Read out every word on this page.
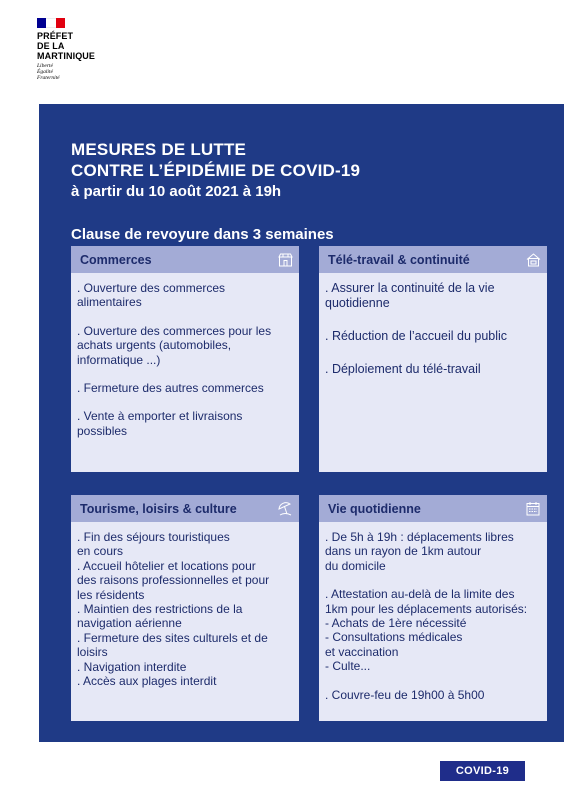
PRÉFET
DE LA
MARTINIQUE
Liberté
Égalité
Fraternité
MESURES DE LUTTE
CONTRE L’ÉPIDÉMIE DE COVID-19
à partir du 10 août 2021 à 19h
Clause de revoyure dans 3 semaines
Commerces
. Ouverture des commerces
alimentaires
. Ouverture des commerces pour les
achats urgents (automobiles,
informatique ...)
. Fermeture des autres commerces
. Vente à emporter et livraisons
possibles
Télé-travail & continuité
. Assurer la continuité de la vie
quotidienne
. Réduction de l’accueil du public
. Déploiement du télé-travail
Tourisme, loisirs & culture
. Fin des séjours touristiques
en cours
. Accueil hôtelier et locations pour
des raisons professionnelles et pour
les résidents
. Maintien des restrictions de la
navigation aérienne
. Fermeture des sites culturels et de
loisirs
. Navigation interdite
. Accès aux plages interdit
Vie quotidienne
. De 5h à 19h : déplacements libres
dans un rayon de 1km autour
du domicile
. Attestation au-delà de la limite des
1km pour les déplacements autorisés:
- Achats de 1ère nécessité
- Consultations médicales
et vaccination
- Culte...
. Couvre-feu de 19h00 à 5h00
COVID-19
